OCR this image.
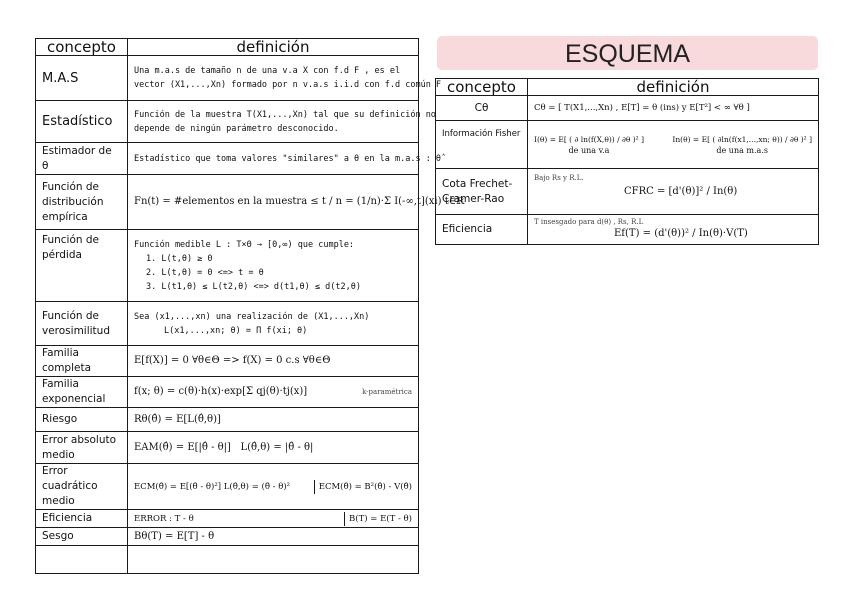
concepto	definición
M.A.S	Una m.a.s de tamaño n de una v.a X con f.d F , es el
vector (X1,...,Xn) formado por n v.a.s i.i.d con f.d común F

Estadístico	Función de la muestra T(X1,...,Xn) tal que su definición no
depende de ningún parámetro desconocido.

Estimador de θ	Estadístico que toma valores "similares" a θ en la m.a.s : θ̂
Función de distribución empírica	Fn(t) = #elementos en la muestra ≤ t / n = (1/n)·Σ I(-∞,t](xi) t∈ℝ
Función de pérdida	Función medible L : T×Θ → [0,∞) que cumple:
1. L(t,θ) ≥ 0
2. L(t,θ) = 0 <=> t = θ
3. L(t1,θ) ≤ L(t2,θ) <=> d(t1,θ) ≤ d(t2,θ)

Función de verosimilitud	Sea (x1,...,xn) una realización de (X1,...,Xn)
L(x1,...,xn; θ) = Π f(xi; θ)

Familia completa	E[f(X)] = 0 ∀θ∈Θ => f(X) = 0 c.s ∀θ∈Θ
Familia exponencial	f(x; θ) = c(θ)·h(x)·exp[Σ qj(θ)·tj(x)] k-paramétrica

Riesgo	Rθ(θ̂) = E[L(θ̂,θ)]
Error absoluto medio	EAM(θ̂) = E[|θ̂ - θ|] L(θ̂,θ) = |θ̂ - θ|
Error cuadrático medio	ECM(θ̂) = E[(θ̂ - θ)²] L(θ̂,θ) = (θ̂ - θ)² ECM(θ̂) = B²(θ̂) - V(θ̂)

Eficiencia	ERROR : T - θ B(T) = E(T - θ)

Sesgo	Bθ(T) = E[T] - θ

ESQUEMA
concepto	definición
Cθ	Cθ = [ T(X1,...,Xn) , E[T] = θ (ins) y E[T²] < ∞ ∀θ ]
Información Fisher	I(θ) = E[ ( ∂ ln(f(X,θ)) / ∂θ )² ]
de una v.a
In(θ) = E[ ( ∂ln(f(x1,...,xn; θ)) / ∂θ )² ]
de una m.a.s

Cota Frechet-Cramer-Rao	Bajo Rs y R.L.
CFRC = [d'(θ)]² / In(θ)

Eficiencia	T insesgado para d(θ) , Rs, R.L
Ef(T) = (d'(θ))² / In(θ)·V(T)
